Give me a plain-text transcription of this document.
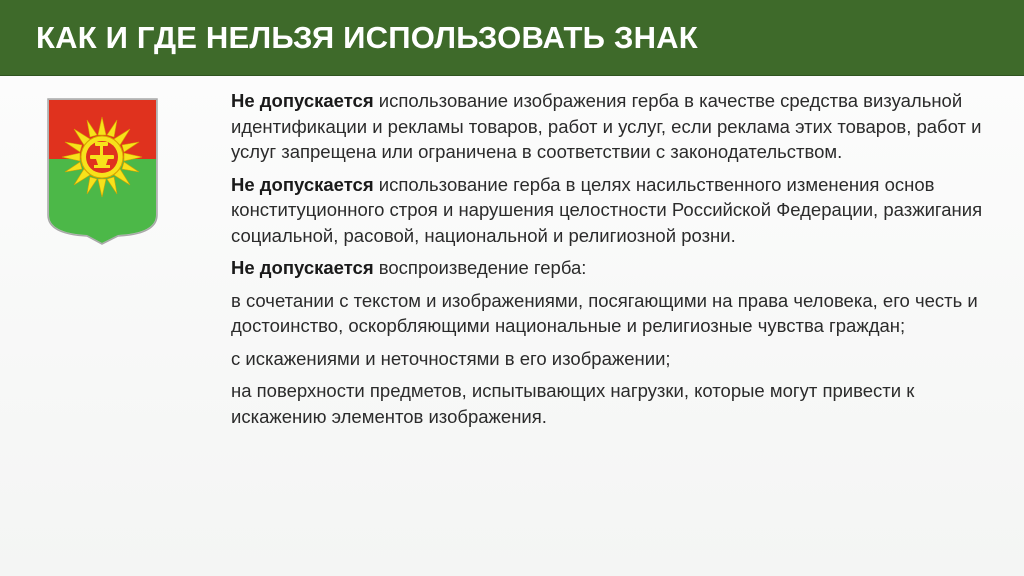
КАК И ГДЕ НЕЛЬЗЯ ИСПОЛЬЗОВАТЬ ЗНАК

Не допускается использование изображения герба в качестве средства визуальной идентификации и рекламы товаров, работ и услуг, если реклама этих товаров, работ и услуг запрещена или ограничена в соответствии с законодательством.

Не допускается использование герба в целях насильственного изменения основ конституционного строя и нарушения целостности Российской Федерации, разжигания социальной, расовой, национальной и религиозной розни.

Не допускается воспроизведение герба:

в сочетании с текстом и изображениями, посягающими на права человека, его честь и достоинство, оскорбляющими национальные и религиозные чувства граждан;

с искажениями и неточностями в его изображении;

на поверхности предметов, испытывающих нагрузки, которые могут привести к искажению элементов изображения.
